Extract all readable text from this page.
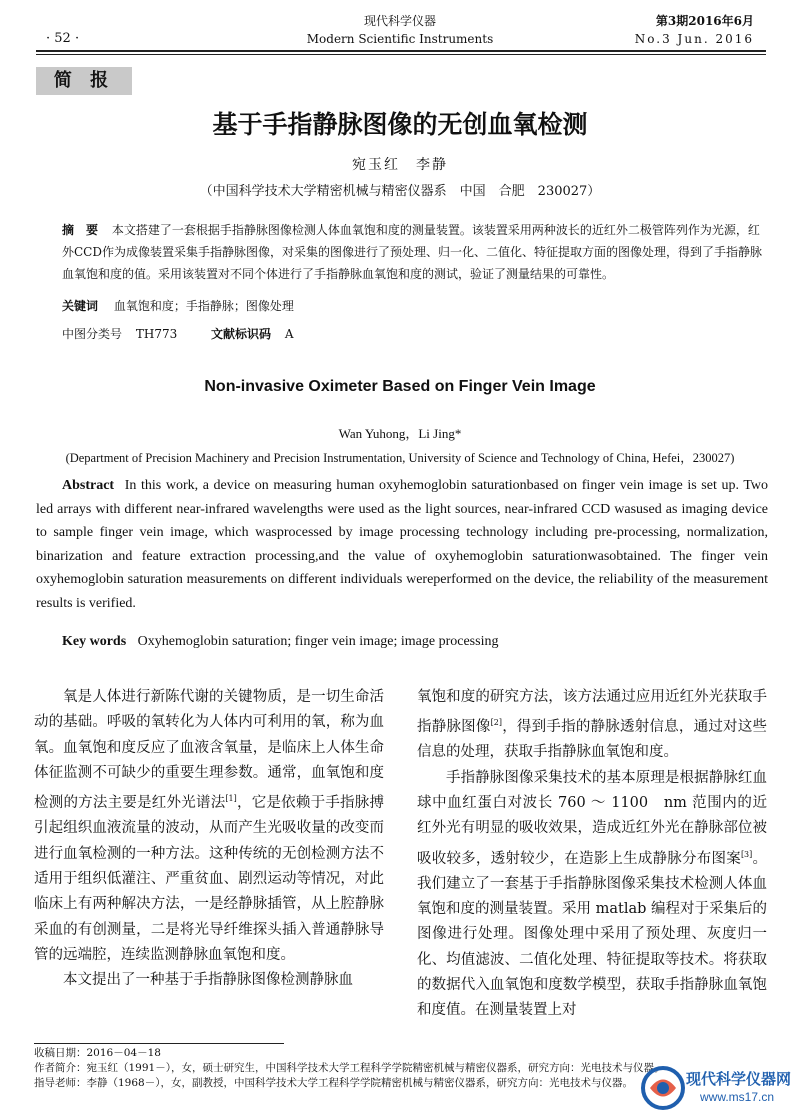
· 52 ·
现代科学仪器
Modern Scientific Instruments
第3期2016年6月
No.3 Jun. 2016
简 报
基于手指静脉图像的无创血氧检测
宛玉红　李静
（中国科学技术大学精密机械与精密仪器系　中国　合肥　230027）
摘　要 本文搭建了一套根据手指静脉图像检测人体血氧饱和度的测量装置。该装置采用两种波长的近红外二极管阵列作为光源，红外CCD作为成像装置采集手指静脉图像，对采集的图像进行了预处理、归一化、二值化、特征提取方面的图像处理，得到了手指静脉血氧饱和度的值。采用该装置对不同个体进行了手指静脉血氧饱和度的测试，验证了测量结果的可靠性。
关键词 血氧饱和度；手指静脉；图像处理
中图分类号 TH773	文献标识码 A
Non-invasive Oximeter Based on Finger Vein Image
Wan Yuhong，Li Jing*
(Department of Precision Machinery and Precision Instrumentation, University of Science and Technology of China, Hefei，230027)
Abstract In this work, a device on measuring human oxyhemoglobin saturationbased on finger vein image is set up. Two led arrays with different near-infrared wavelengths were used as the light sources, near-infrared CCD wasused as imaging device to sample finger vein image, which wasprocessed by image processing technology including pre-processing, normalization, binarization and feature extraction processing,and the value of oxyhemoglobin saturationwasobtained. The finger vein oxyhemoglobin saturation measurements on different individuals wereperformed on the device, the reliability of the measurement results is verified.
Key words Oxyhemoglobin saturation; finger vein image; image processing

氧是人体进行新陈代谢的关键物质，是一切生命活动的基础。呼吸的氧转化为人体内可利用的氧，称为血氧。血氧饱和度反应了血液含氧量，是临床上人体生命体征监测不可缺少的重要生理参数。通常，血氧饱和度检测的方法主要是红外光谱法[1]，它是依赖于手指脉搏引起组织血液流量的波动，从而产生光吸收量的改变而进行血氧检测的一种方法。这种传统的无创检测方法不适用于组织低灌注、严重贫血、剧烈运动等情况，对此临床上有两种解决方法，一是经静脉插管，从上腔静脉采血的有创测量，二是将光导纤维探头插入普通静脉导管的远端腔，连续监测静脉血氧饱和度。

本文提出了一种基于手指静脉图像检测静脉血

氧饱和度的研究方法，该方法通过应用近红外光获取手指静脉图像[2]，得到手指的静脉透射信息，通过对这些信息的处理，获取手指静脉血氧饱和度。

手指静脉图像采集技术的基本原理是根据静脉红血球中血红蛋白对波长 760 ～ 1100　nm 范围内的近红外光有明显的吸收效果，造成近红外光在静脉部位被吸收较多，透射较少，在造影上生成静脉分布图案[3]。我们建立了一套基于手指静脉图像采集技术检测人体血氧饱和度的测量装置。采用 matlab 编程对于采集后的图像进行处理。图像处理中采用了预处理、灰度归一化、均值滤波、二值化处理、特征提取等技术。将获取的数据代入血氧饱和度数学模型，获取手指静脉血氧饱和度值。在测量装置上对

收稿日期：2016－04－18
作者简介：宛玉红（1991－），女，硕士研究生，中国科学技术大学工程科学学院精密机械与精密仪器系，研究方向：光电技术与仪器。
指导老师：李静（1968－），女，副教授，中国科学技术大学工程科学学院精密机械与精密仪器系，研究方向：光电技术与仪器。	现代科学仪器网
www.ms17.cn
